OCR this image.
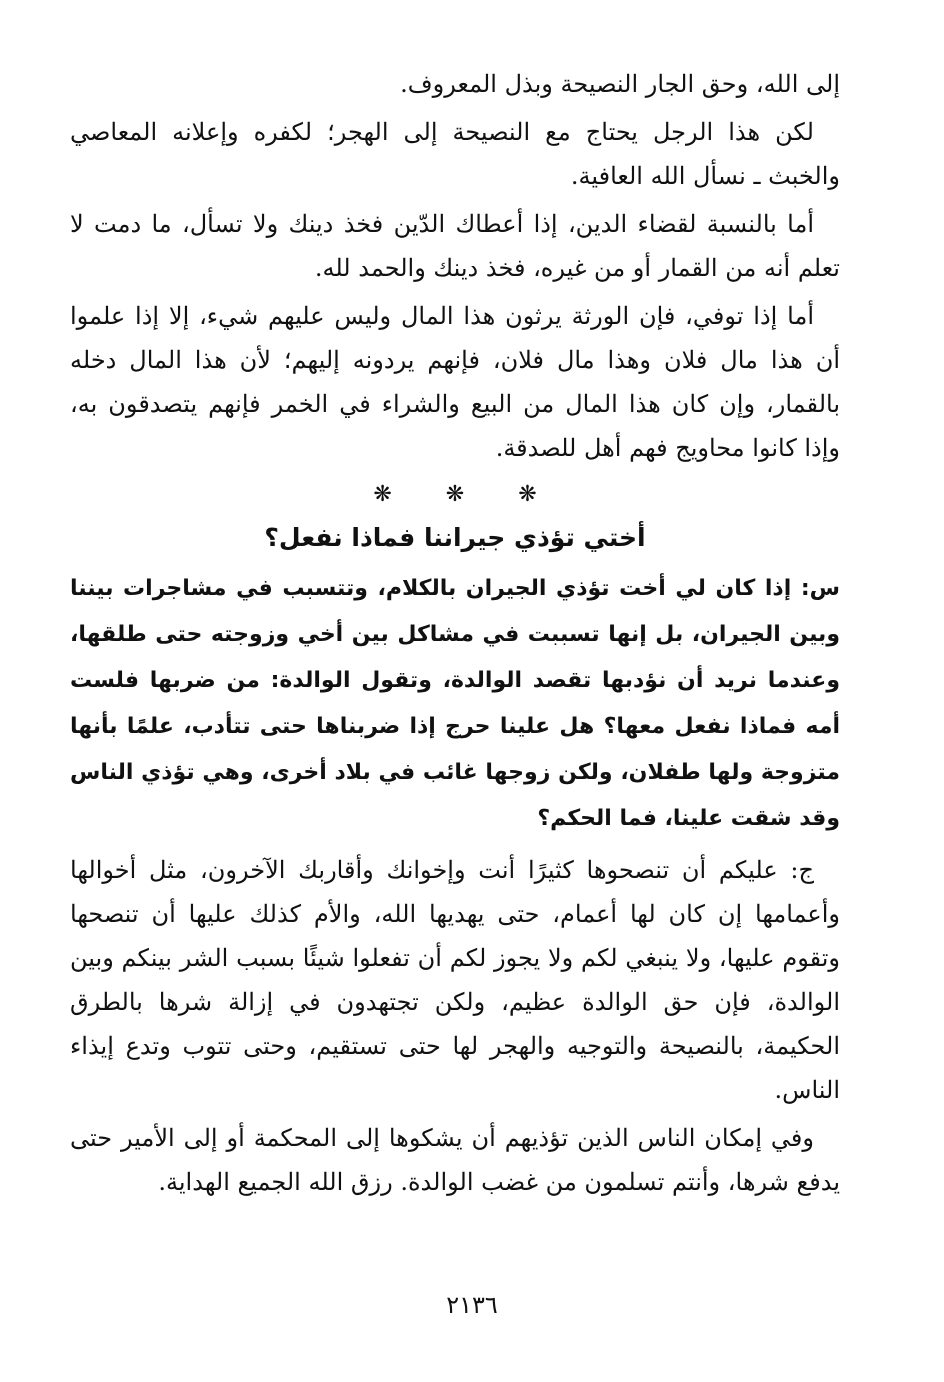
إلى الله، وحق الجار النصيحة وبذل المعروف.

لكن هذا الرجل يحتاج مع النصيحة إلى الهجر؛ لكفره وإعلانه المعاصي والخبث ـ نسأل الله العافية.

أما بالنسبة لقضاء الدين، إذا أعطاك الدّين فخذ دينك ولا تسأل، ما دمت لا تعلم أنه من القمار أو من غيره، فخذ دينك والحمد لله.

أما إذا توفي، فإن الورثة يرثون هذا المال وليس عليهم شيء، إلا إذا علموا أن هذا مال فلان وهذا مال فلان، فإنهم يردونه إليهم؛ لأن هذا المال دخله بالقمار، وإن كان هذا المال من البيع والشراء في الخمر فإنهم يتصدقون به، وإذا كانوا محاويج فهم أهل للصدقة.

❋ ❋ ❋
أختي تؤذي جيراننا فماذا نفعل؟

س: إذا كان لي أخت تؤذي الجيران بالكلام، وتتسبب في مشاجرات بيننا وبين الجيران، بل إنها تسببت في مشاكل بين أخي وزوجته حتى طلقها، وعندما نريد أن نؤدبها تقصد الوالدة، وتقول الوالدة: من ضربها فلست أمه فماذا نفعل معها؟ هل علينا حرج إذا ضربناها حتى تتأدب، علمًا بأنها متزوجة ولها طفلان، ولكن زوجها غائب في بلاد أخرى، وهي تؤذي الناس وقد شقت علينا، فما الحكم؟

ج: عليكم أن تنصحوها كثيرًا أنت وإخوانك وأقاربك الآخرون، مثل أخوالها وأعمامها إن كان لها أعمام، حتى يهديها الله، والأم كذلك عليها أن تنصحها وتقوم عليها، ولا ينبغي لكم ولا يجوز لكم أن تفعلوا شيئًا بسبب الشر بينكم وبين الوالدة، فإن حق الوالدة عظيم، ولكن تجتهدون في إزالة شرها بالطرق الحكيمة، بالنصيحة والتوجيه والهجر لها حتى تستقيم، وحتى تتوب وتدع إيذاء الناس.

وفي إمكان الناس الذين تؤذيهم أن يشكوها إلى المحكمة أو إلى الأمير حتى يدفع شرها، وأنتم تسلمون من غضب الوالدة. رزق الله الجميع الهداية.

٢١٣٦
